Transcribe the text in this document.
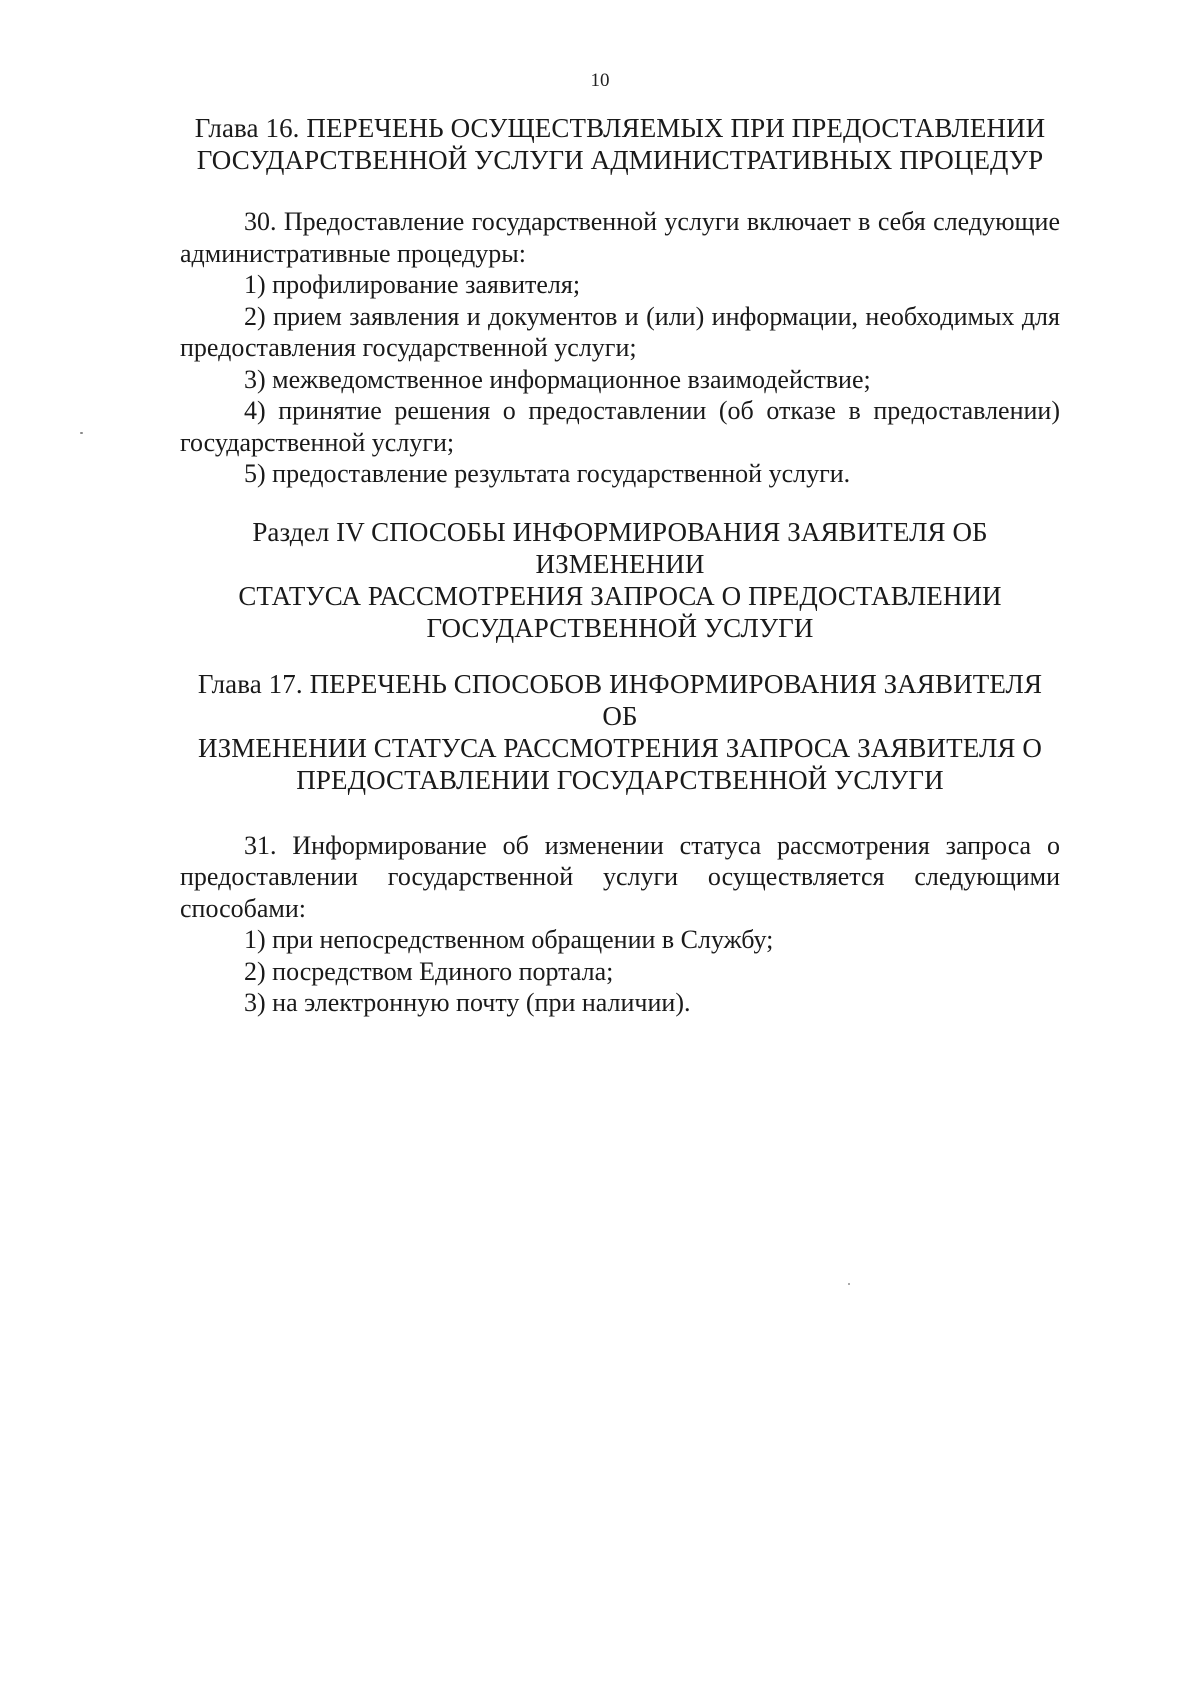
10
Глава 16. ПЕРЕЧЕНЬ ОСУЩЕСТВЛЯЕМЫХ ПРИ ПРЕДОСТАВЛЕНИИ
ГОСУДАРСТВЕННОЙ УСЛУГИ АДМИНИСТРАТИВНЫХ ПРОЦЕДУР

30. Предоставление государственной услуги включает в себя следующие административные процедуры:

1) профилирование заявителя;

2) прием заявления и документов и (или) информации, необходимых для предоставления государственной услуги;

3) межведомственное информационное взаимодействие;

4) принятие решения о предоставлении (об отказе в предоставлении) государственной услуги;

5) предоставление результата государственной услуги.

Раздел IV СПОСОБЫ ИНФОРМИРОВАНИЯ ЗАЯВИТЕЛЯ ОБ ИЗМЕНЕНИИ
СТАТУСА РАССМОТРЕНИЯ ЗАПРОСА О ПРЕДОСТАВЛЕНИИ
ГОСУДАРСТВЕННОЙ УСЛУГИ
Глава 17. ПЕРЕЧЕНЬ СПОСОБОВ ИНФОРМИРОВАНИЯ ЗАЯВИТЕЛЯ ОБ
ИЗМЕНЕНИИ СТАТУСА РАССМОТРЕНИЯ ЗАПРОСА ЗАЯВИТЕЛЯ О
ПРЕДОСТАВЛЕНИИ ГОСУДАРСТВЕННОЙ УСЛУГИ

31. Информирование об изменении статуса рассмотрения запроса о предоставлении государственной услуги осуществляется следующими способами:

1) при непосредственном обращении в Службу;

2) посредством Единого портала;

3) на электронную почту (при наличии).
